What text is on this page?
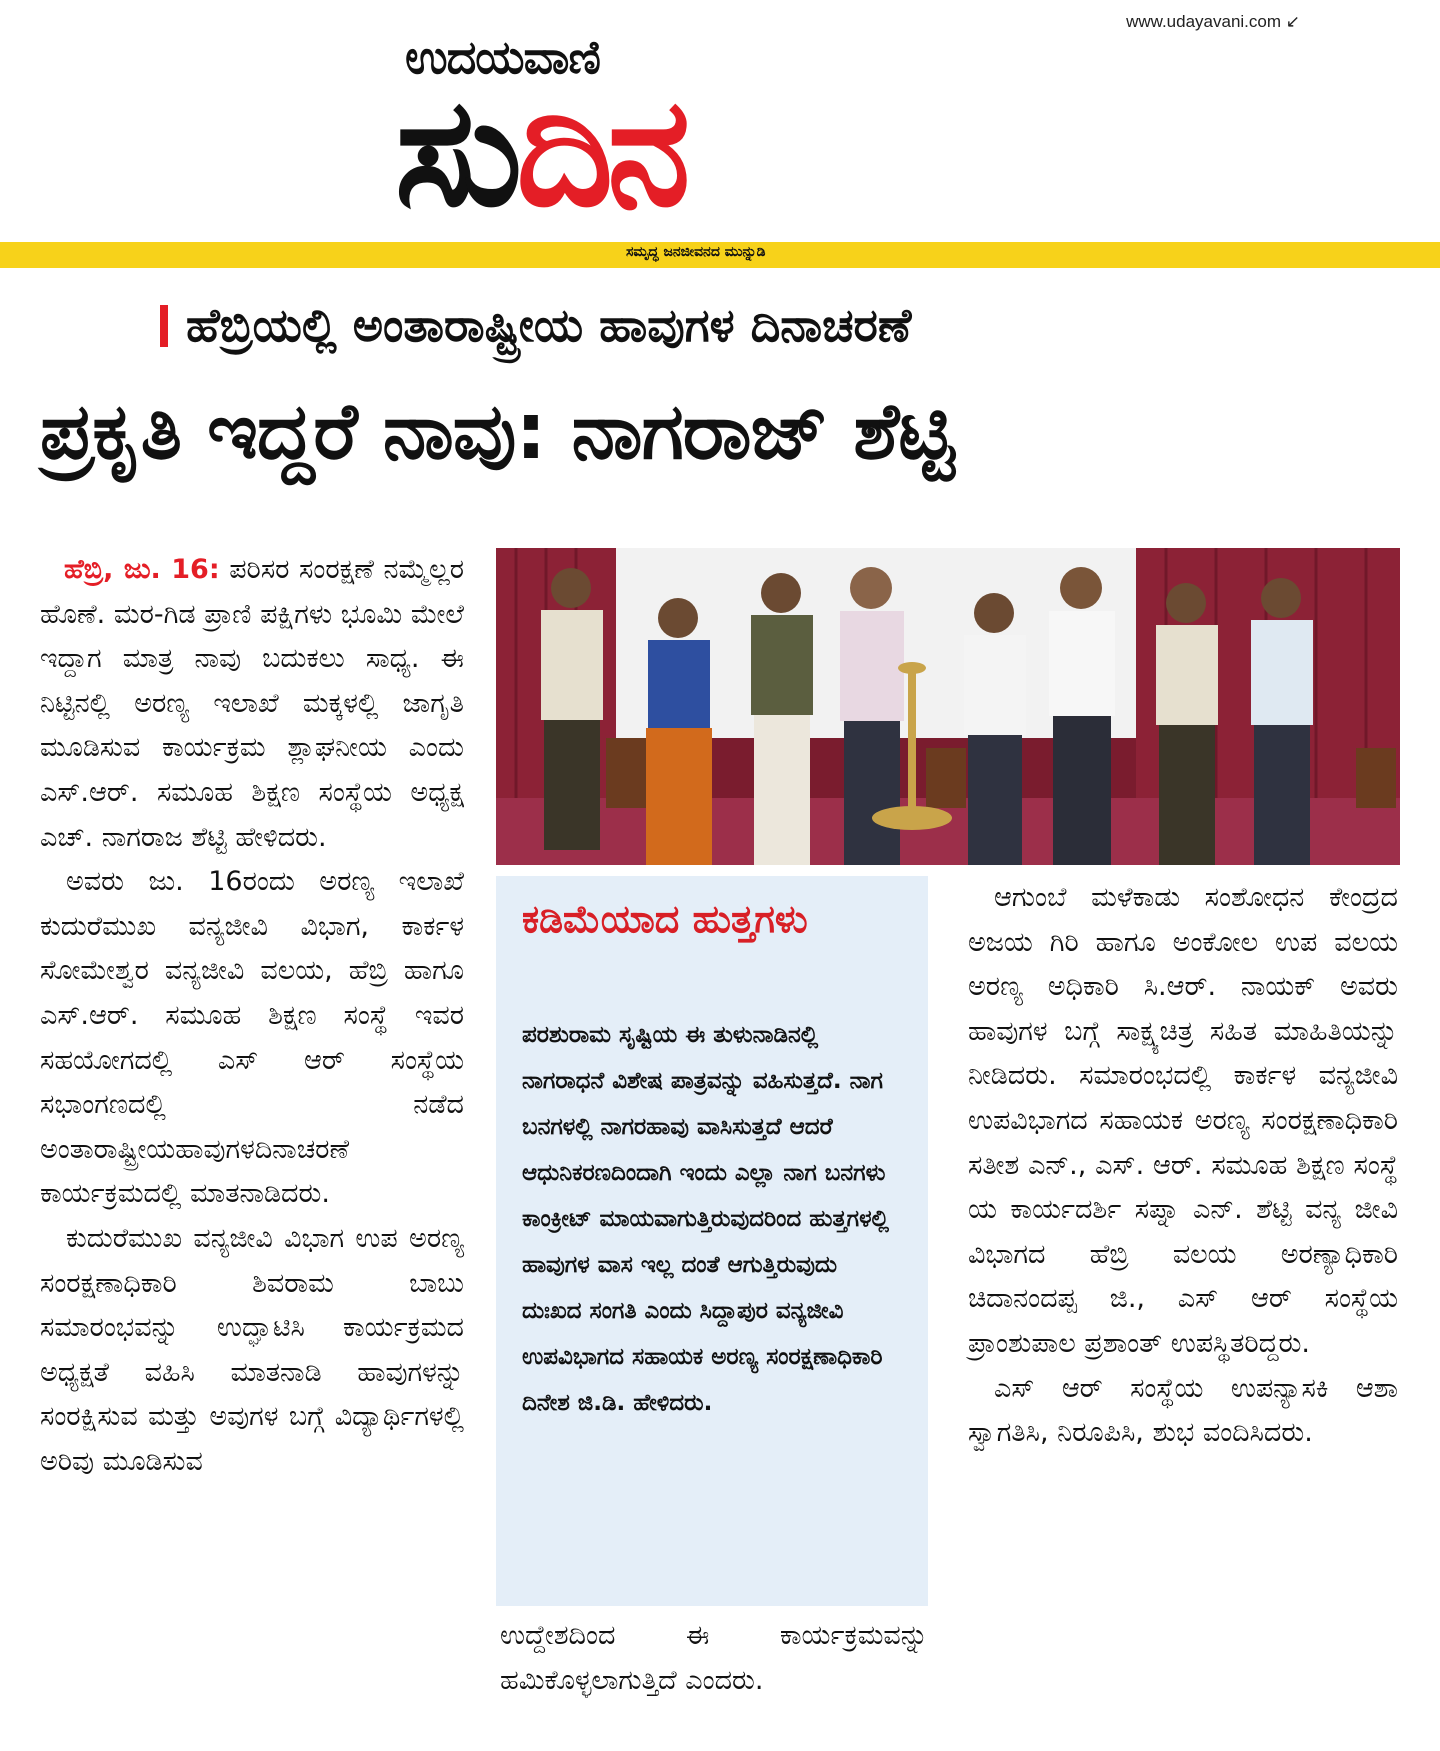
www.udayavani.com ↙
ಉದಯವಾಣಿ
ಸುದಿನ
ಸಮೃದ್ಧ ಜನಜೀವನದ ಮುನ್ನುಡಿ
ಹೆಬ್ರಿಯಲ್ಲಿ ಅಂತಾರಾಷ್ಟ್ರೀಯ ಹಾವುಗಳ ದಿನಾಚರಣೆ
ಪ್ರಕೃತಿ ಇದ್ದರೆ ನಾವು: ನಾಗರಾಜ್ ಶೆಟ್ಟಿ

ಹೆಬ್ರಿ, ಜು. 16: ಪರಿಸರ ಸಂರಕ್ಷಣೆ ನಮ್ಮೆಲ್ಲರ ಹೊಣೆ. ಮರ-ಗಿಡ ಪ್ರಾಣಿ ಪಕ್ಷಿಗಳು ಭೂಮಿ ಮೇಲೆ ಇದ್ದಾಗ ಮಾತ್ರ ನಾವು ಬದುಕಲು ಸಾಧ್ಯ. ಈ ನಿಟ್ಟಿನಲ್ಲಿ ಅರಣ್ಯ ಇಲಾಖೆ ಮಕ್ಕಳಲ್ಲಿ ಜಾಗೃತಿ ಮೂಡಿಸುವ ಕಾರ್ಯಕ್ರಮ ಶ್ಲಾಘನೀಯ ಎಂದು ಎಸ್.ಆರ್. ಸಮೂಹ ಶಿಕ್ಷಣ ಸಂಸ್ಥೆಯ ಅಧ್ಯಕ್ಷ ಎಚ್. ನಾಗರಾಜ ಶೆಟ್ಟಿ ಹೇಳಿದರು.

ಅವರು ಜು. 16ರಂದು ಅರಣ್ಯ ಇಲಾಖೆ ಕುದುರೆಮುಖ ವನ್ಯಜೀವಿ ವಿಭಾಗ, ಕಾರ್ಕಳ ಸೋಮೇಶ್ವರ ವನ್ಯಜೀವಿ ವಲಯ, ಹೆಬ್ರಿ ಹಾಗೂ ಎಸ್.ಆರ್. ಸಮೂಹ ಶಿಕ್ಷಣ ಸಂಸ್ಥೆ ಇವರ ಸಹಯೋಗದಲ್ಲಿ ಎಸ್ ಆರ್ ಸಂಸ್ಥೆಯ ಸಭಾಂಗಣದಲ್ಲಿ ನಡೆದ ಅಂತಾರಾಷ್ಟ್ರೀಯಹಾವುಗಳದಿನಾಚರಣೆ ಕಾರ್ಯಕ್ರಮದಲ್ಲಿ ಮಾತನಾಡಿದರು.

ಕುದುರೆಮುಖ ವನ್ಯಜೀವಿ ವಿಭಾಗ ಉಪ ಅರಣ್ಯ ಸಂರಕ್ಷಣಾಧಿಕಾರಿ ಶಿವರಾಮ ಬಾಬು ಸಮಾರಂಭವನ್ನು ಉದ್ಘಾಟಿಸಿ ಕಾರ್ಯಕ್ರಮದ ಅಧ್ಯಕ್ಷತೆ ವಹಿಸಿ ಮಾತನಾಡಿ ಹಾವುಗಳನ್ನು ಸಂರಕ್ಷಿಸುವ ಮತ್ತು ಅವುಗಳ ಬಗ್ಗೆ ವಿದ್ಯಾರ್ಥಿಗಳಲ್ಲಿ ಅರಿವು ಮೂಡಿಸುವ

ಕಡಿಮೆಯಾದ ಹುತ್ತಗಳು
ಪರಶುರಾಮ ಸೃಷ್ಟಿಯ ಈ ತುಳುನಾಡಿನಲ್ಲಿ ನಾಗರಾಧನೆ ವಿಶೇಷ ಪಾತ್ರವನ್ನು ವಹಿಸುತ್ತದೆ. ನಾಗ ಬನಗಳಲ್ಲಿ ನಾಗರಹಾವು ವಾಸಿಸುತ್ತದೆ ಆದರೆ ಆಧುನಿಕರಣದಿಂದಾಗಿ ಇಂದು ಎಲ್ಲಾ ನಾಗ ಬನಗಳು ಕಾಂಕ್ರೀಟ್ ಮಾಯವಾಗುತ್ತಿರುವುದರಿಂದ ಹುತ್ತಗಳಲ್ಲಿ ಹಾವುಗಳ ವಾಸ ಇಲ್ಲ ದಂತೆ ಆಗುತ್ತಿರುವುದು ದುಃಖದ ಸಂಗತಿ ಎಂದು ಸಿದ್ದಾಪುರ ವನ್ಯಜೀವಿ ಉಪವಿಭಾಗದ ಸಹಾಯಕ ಅರಣ್ಯ ಸಂರಕ್ಷಣಾಧಿಕಾರಿ ದಿನೇಶ ಜಿ.ಡಿ. ಹೇಳಿದರು.
ಉದ್ದೇಶದಿಂದ ಈ ಕಾರ್ಯಕ್ರಮವನ್ನು ಹಮಿಕೊಳ್ಳಲಾಗುತ್ತಿದೆ ಎಂದರು.

ಆಗುಂಬೆ ಮಳೆಕಾಡು ಸಂಶೋಧನ ಕೇಂದ್ರದ ಅಜಯ ಗಿರಿ ಹಾಗೂ ಅಂಕೋಲ ಉಪ ವಲಯ ಅರಣ್ಯ ಅಧಿಕಾರಿ ಸಿ.ಆರ್. ನಾಯಕ್ ಅವರು ಹಾವುಗಳ ಬಗ್ಗೆ ಸಾಕ್ಷ್ಯಚಿತ್ರ ಸಹಿತ ಮಾಹಿತಿಯನ್ನು ನೀಡಿದರು. ಸಮಾರಂಭದಲ್ಲಿ ಕಾರ್ಕಳ ವನ್ಯಜೀವಿ ಉಪವಿಭಾಗದ ಸಹಾಯಕ ಅರಣ್ಯ ಸಂರಕ್ಷಣಾಧಿಕಾರಿ ಸತೀಶ ಎನ್., ಎಸ್. ಆರ್. ಸಮೂಹ ಶಿಕ್ಷಣ ಸಂಸ್ಥೆ ಯ ಕಾರ್ಯದರ್ಶಿ ಸಪ್ನಾ ಎನ್. ಶೆಟ್ಟಿ ವನ್ಯ ಜೀವಿ ವಿಭಾಗದ ಹೆಬ್ರಿ ವಲಯ ಅರಣ್ಯಾಧಿಕಾರಿ ಚಿದಾನಂದಪ್ಪ ಜಿ., ಎಸ್ ಆರ್ ಸಂಸ್ಥೆಯ ಪ್ರಾಂಶುಪಾಲ ಪ್ರಶಾಂತ್ ಉಪಸ್ಥಿತರಿದ್ದರು.

ಎಸ್ ಆರ್ ಸಂಸ್ಥೆಯ ಉಪನ್ಯಾಸಕಿ ಆಶಾ ಸ್ವಾಗತಿಸಿ, ನಿರೂಪಿಸಿ, ಶುಭ ವಂದಿಸಿದರು.
